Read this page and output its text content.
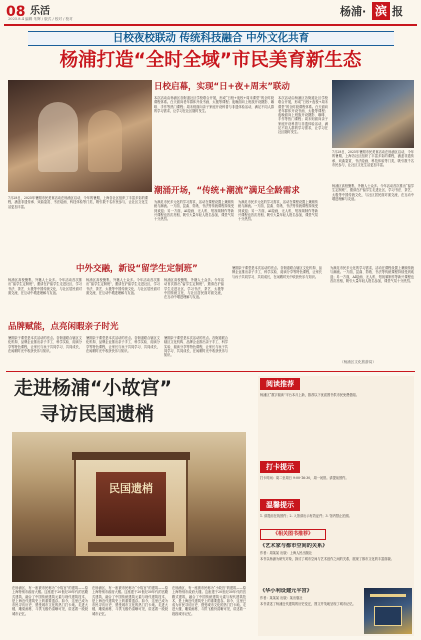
08 乐活
2025.8.4 编辑 朱辉 / 版式 / 校对 / 校对
杨浦· 滨 报
日校夜校联动 传统科技融合 中外文化共育
杨浦打造“全时全域”市民美育新生态
7月28日，2025年暑期市民美育活动在杨浦区启动，今年的暑期，上海各社区组织了丰富多彩的课程，涵盖非遗传承、戏曲鉴赏、书法绘画、科技体验等门类，吸引数千名市民参与，让社区文化生活更加丰富。
日校启幕，实现“日+夜+周末”联动
本次活动由杨浦区各街道社区学校联合开展，形成“日校+夜校+周末课堂”的全时段课程体系。白天面向老年群体开设书画、太极等课程；夜晚面向上班族开设摄影、咖啡、手作等热门课程；周末则面向亲子家庭开设科普与非遗体验活动，满足不同人群的学习需求，让学习在社区随时发生。
本次活动由杨浦区各街道社区学校联合开展，形成“日校+夜校+周末课堂”的全时段课程体系。白天面向老年群体开设书画、太极等课程；夜晚面向上班族开设摄影、咖啡、手作等热门课程；周末则面向亲子家庭开设科普与非遗体验活动，满足不同人群的学习需求，让学习在社区随时发生。
7月28日，2025年暑期市民美育活动在杨浦区启动，今年的暑期，上海各社区组织了丰富多彩的课程，涵盖非遗传承、戏曲鉴赏、书法绘画、科技体验等门类，吸引数千名市民参与，让社区文化生活更加丰富。
潮涌开场，“传统+潮流”满足全龄需求
为满足市民多元化的学习需求，活动在课程设置上兼顾传统与潮流。一方面，昆曲、剪纸、书法等传统课程持续受到欢迎；另一方面，AI绘画、无人机、短视频制作等新兴课程也首次亮相，吸引大量年轻人报名参加，课堂气氛十分热烈。
为满足市民多元化的学习需求，活动在课程设置上兼顾传统与潮流。一方面，昆曲、剪纸、书法等传统课程持续受到欢迎；另一方面，AI绘画、无人机、短视频制作等新兴课程也首次亮相，吸引大量年轻人报名参加，课堂气氛十分热烈。
杨浦区高校聚集，外籍人士众多。今年活动首次推出“留学生定制班”，邀请在沪留学生走进社区，学习书法、茶艺、太极等中国传统文化，与社区居民面对面交流，在互动中增进理解与友谊。
中外交融，新设“留学生定制班”
杨浦区高校聚集，外籍人士众多。今年活动首次推出“留学生定制班”，邀请在沪留学生走进社区，学习书法、茶艺、太极等中国传统文化，与社区居民面对面交流，在互动中增进理解与友谊。
杨浦区高校聚集，外籍人士众多。今年活动首次推出“留学生定制班”，邀请在沪留学生走进社区，学习书法、茶艺、太极等中国传统文化，与社区居民面对面交流，在互动中增进理解与友谊。
杨浦区高校聚集，外籍人士众多。今年活动首次推出“留学生定制班”，邀请在沪留学生走进社区，学习书法、茶艺、太极等中国传统文化，与社区居民面对面交流，在互动中增进理解与友谊。
暑期亲子课堂是本次活动的亮点。各街道联合辖区文化机构、品牌企业推出亲子手工、科学实验、阅读分享等特色课程，让家长与孩子共同学习、共同成长，在闲暇时光中收获快乐与知识。
为满足市民多元化的学习需求，活动在课程设置上兼顾传统与潮流。一方面，昆曲、剪纸、书法等传统课程持续受到欢迎；另一方面，AI绘画、无人机、短视频制作等新兴课程也首次亮相，吸引大量年轻人报名参加，课堂气氛十分热烈。
品牌赋能，点亮闲暇亲子时光
暑期亲子课堂是本次活动的亮点。各街道联合辖区文化机构、品牌企业推出亲子手工、科学实验、阅读分享等特色课程，让家长与孩子共同学习、共同成长，在闲暇时光中收获快乐与知识。
暑期亲子课堂是本次活动的亮点。各街道联合辖区文化机构、品牌企业推出亲子手工、科学实验、阅读分享等特色课程，让家长与孩子共同学习、共同成长，在闲暇时光中收获快乐与知识。
暑期亲子课堂是本次活动的亮点。各街道联合辖区文化机构、品牌企业推出亲子手工、科学实验、阅读分享等特色课程，让家长与孩子共同学习、共同成长，在闲暇时光中收获快乐与知识。
（杨浦区文化旅游局）
走进杨浦“小故宫”
寻访民国遗梢
民国遗梢
在杨浦区，有一座被市民称为“小故宫”的建筑——原上海特别市政府大楼。这座建于20世纪30年代的宫殿式建筑，融合了中国传统建筑元素与现代建筑技术，是上海近代建筑史上的重要遗存。如今，这里已成为市民寻访历史、感受城市文化的热门打卡地。走进大楼，雕梁画栋、斗拱飞檐仍清晰可见，讲述着一段段城市记忆。
在杨浦区，有一座被市民称为“小故宫”的建筑——原上海特别市政府大楼。这座建于20世纪30年代的宫殿式建筑，融合了中国传统建筑元素与现代建筑技术，是上海近代建筑史上的重要遗存。如今，这里已成为市民寻访历史、感受城市文化的热门打卡地。走进大楼，雕梁画栋、斗拱飞檐仍清晰可见，讲述着一段段城市记忆。
在杨浦区，有一座被市民称为“小故宫”的建筑——原上海特别市政府大楼。这座建于20世纪30年代的宫殿式建筑，融合了中国传统建筑元素与现代建筑技术，是上海近代建筑史上的重要遗存。如今，这里已成为市民寻访历史、感受城市文化的热门打卡地。走进大楼，雕梁画栋、斗拱飞檐仍清晰可见，讲述着一段段城市记忆。
阅读推荐
杨浦区“数字阅读”平台本月上新，推荐以下优质图书供市民免费借阅。
打卡提示
打卡时间：周二至周日 9:00-16:30，周一闭馆。请提前预约。
温馨提示
1. 请提前在线预约；2. 入馆请出示有效证件；3. 馆内禁止拍照。
《相关图书推荐》
《艺术家与都市空间的关系》
作者：周某某 出版：上海人民出版社
本书以杨浦为研究对象，探讨了城市空间与艺术创作之间的关系，展现了都市文化的丰富面貌。
《华小利设建元平宫》
作者：某某某 出版：某出版社
本书讲述了杨浦近代建筑的历史变迁，图文并茂地呈现了城市记忆。
